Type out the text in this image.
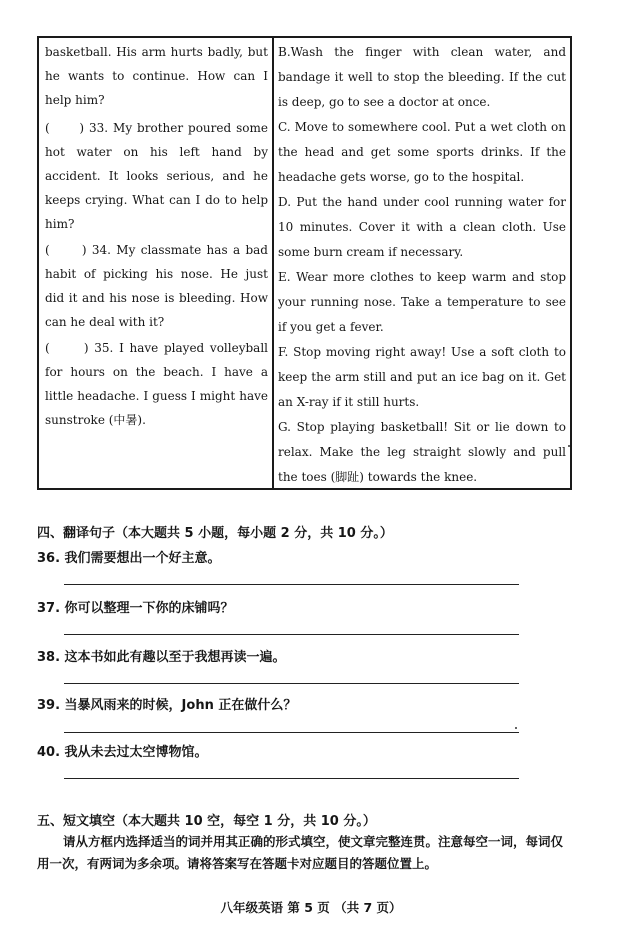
basketball. His arm hurts badly, but he wants to continue. How can I help him?

(      ) 33. My brother poured some hot water on his left hand by accident. It looks serious, and he keeps crying. What can I do to help him?

(      ) 34. My classmate has a bad habit of picking his nose. He just did it and his nose is bleeding. How can he deal with it?

(      ) 35. I have played volleyball for hours on the beach. I have a little headache. I guess I might have sunstroke (中暑).

B.Wash the finger with clean water, and bandage it well to stop the bleeding. If the cut is deep, go to see a doctor at once.

C. Move to somewhere cool. Put a wet cloth on the head and get some sports drinks. If the headache gets worse, go to the hospital.

D. Put the hand under cool running water for 10 minutes. Cover it with a clean cloth. Use some burn cream if necessary.

E. Wear more clothes to keep warm and stop your running nose. Take a temperature to see if you get a fever.

F. Stop moving right away! Use a soft cloth to keep the arm still and put an ice bag on it. Get an X-ray if it still hurts.

G. Stop playing basketball! Sit or lie down to relax. Make the leg straight slowly and pull the toes (脚趾) towards the knee.

四、翻译句子（本大题共 5 小题，每小题 2 分，共 10 分。）
36. 我们需要想出一个好主意。
37. 你可以整理一下你的床铺吗？
38. 这本书如此有趣以至于我想再读一遍。
39. 当暴风雨来的时候，John 正在做什么？
40. 我从未去过太空博物馆。
五、短文填空（本大题共 10 空，每空 1 分，共 10 分。）
请从方框内选择适当的词并用其正确的形式填空，使文章完整连贯。注意每空一词，每词仅用一次，有两词为多余项。请将答案写在答题卡对应题目的答题位置上。
八年级英语 第 5 页 （共 7 页）
